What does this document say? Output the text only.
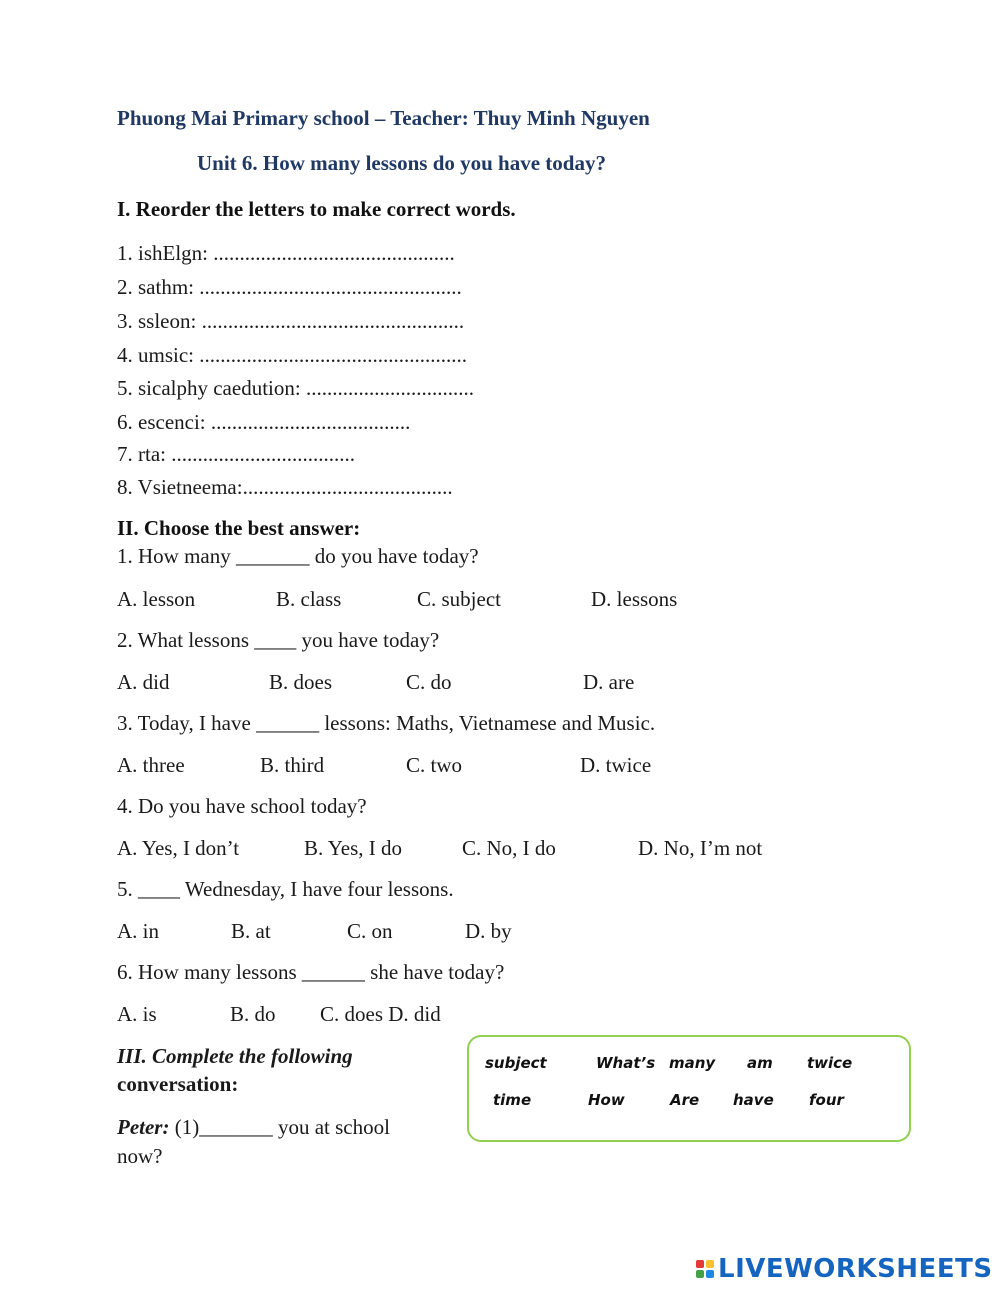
Phuong Mai Primary school – Teacher: Thuy Minh Nguyen
Unit 6. How many lessons do you have today?
I. Reorder the letters to make correct words.
1. ishElgn: ..............................................
2. sathm: ..................................................
3. ssleon: ..................................................
4. umsic: ...................................................
5. sicalphy caedution: ................................
6. escenci: ......................................
7. rta: ...................................
8. Vsietneema:........................................
II. Choose the best answer:
1. How many _______ do you have today?
A. lesson	B. class	C. subject	D. lessons
2. What lessons ____ you have today?
A. did	B. does	C. do	D. are
3. Today, I have ______ lessons: Maths, Vietnamese and Music.
A. three	B. third	C. two	D. twice
4. Do you have school today?
A. Yes, I don’t	B. Yes, I do	C. No, I do	D. No, I’m not
5. ____ Wednesday, I have four lessons.
A. in	B. at	C. on	D. by
6. How many lessons ______ she have today?
A. is	B. do C. does D. did
III. Complete the following
conversation:
Peter: (1)_______ you at school
now?
subject	What’s many am twice
time	How	Are have four
LIVEWORKSHEETS
